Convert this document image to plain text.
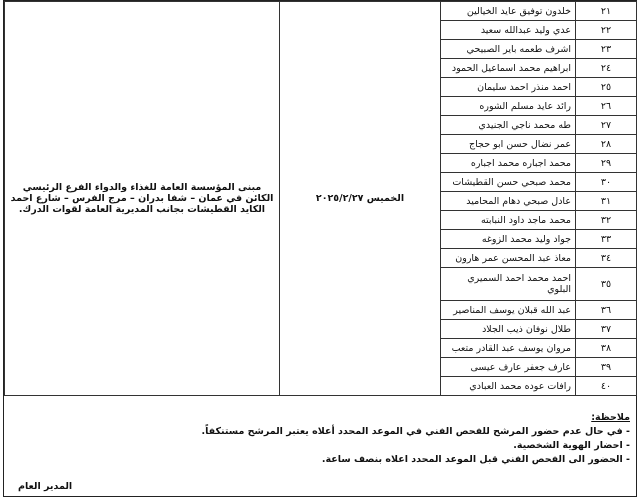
٢١	خلدون توفيق عايد الخيالين	الخميس ٢٠٢٥/٢/٢٧	مبنى المؤسسة العامة للغذاء والدواء الفرع الرئيسي الكائن في عمان – شفا بدران – مرج الفرس – شارع احمد الكايد القطيشات بجانب المديرية العامة لقوات الدرك.
٢٢	عدي وليد عبدالله سعيد		
٢٣	اشرف طعمه باير الصبيحي		
٢٤	ابراهيم محمد اسماعيل الحمود		
٢٥	احمد منذر احمد سليمان		
٢٦	رائد عايد مسلم الشوره		
٢٧	طه محمد ناجي الجنيدي		
٢٨	عمر نضال حسن ابو حجاج		
٢٩	محمد اجباره محمد اجباره		
٣٠	محمد صبحي حسن القطيشات		
٣١	عادل صبحي دهام المحاميد		
٣٢	محمد ماجد داود النبابته		
٣٣	جواد وليد محمد الزوغه		
٣٤	معاذ عبد المحسن عمر هارون		
٣٥	احمد محمد احمد السميري البلوي		
٣٦	عبد الله قبلان يوسف المناصير		
٣٧	طلال نوفان ذيب الجلاد		
٣٨	مروان يوسف عبد القادر متعب		
٣٩	عارف جعفر عارف عيسى		
٤٠	رافات عوده محمد العبادي		
ملاحظة:
- في حال عدم حضور المرشح للفحص الفني في الموعد المحدد أعلاه يعتبر المرشح مستنكفاً.
- احضار الهوية الشخصية.
- الحضور الى الفحص الفني قبل الموعد المحدد اعلاه بنصف ساعة.
المدير العام
